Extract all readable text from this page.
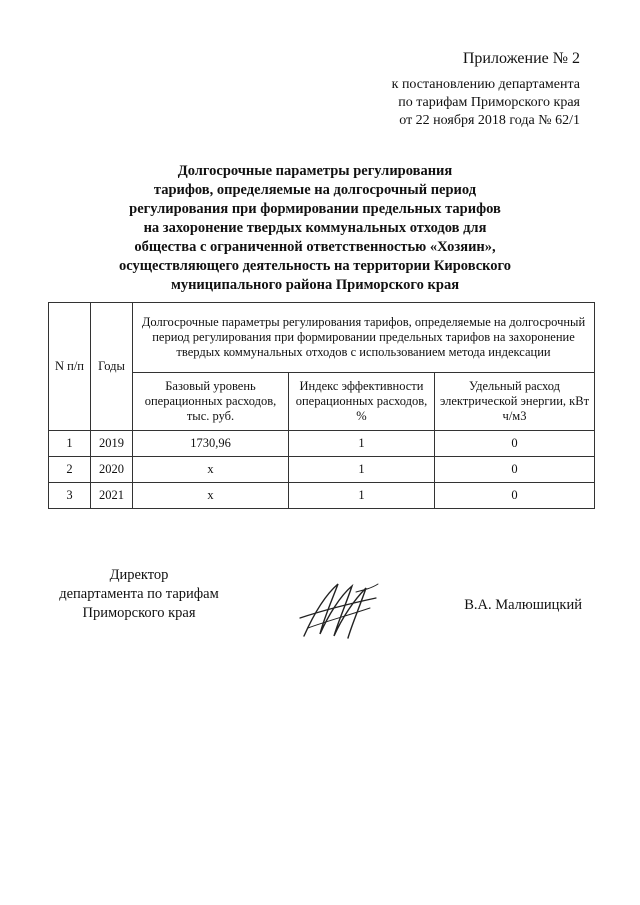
Приложение № 2
к постановлению департамента
по тарифам Приморского края
от 22 ноября 2018 года № 62/1
Долгосрочные параметры регулирования
тарифов, определяемые на долгосрочный период
регулирования при формировании предельных тарифов
на захоронение твердых коммунальных отходов для
общества с ограниченной ответственностью «Хозяин»,
осуществляющего деятельность на территории Кировского
муниципального района Приморского края
N п/п	Годы	Долгосрочные параметры регулирования тарифов, определяемые на долгосрочный период регулирования при формировании предельных тарифов на захоронение твердых коммунальных отходов с использованием метода индексации		
		Базовый уровень операционных расходов, тыс. руб.	Индекс эффективности операционных расходов, %	Удельный расход электрической энергии, кВт ч/м3
1	2019	1730,96	1	0
2	2020	x	1	0
3	2021	x	1	0
Директор
департамента по тарифам
Приморского края	В.А. Малюшицкий
